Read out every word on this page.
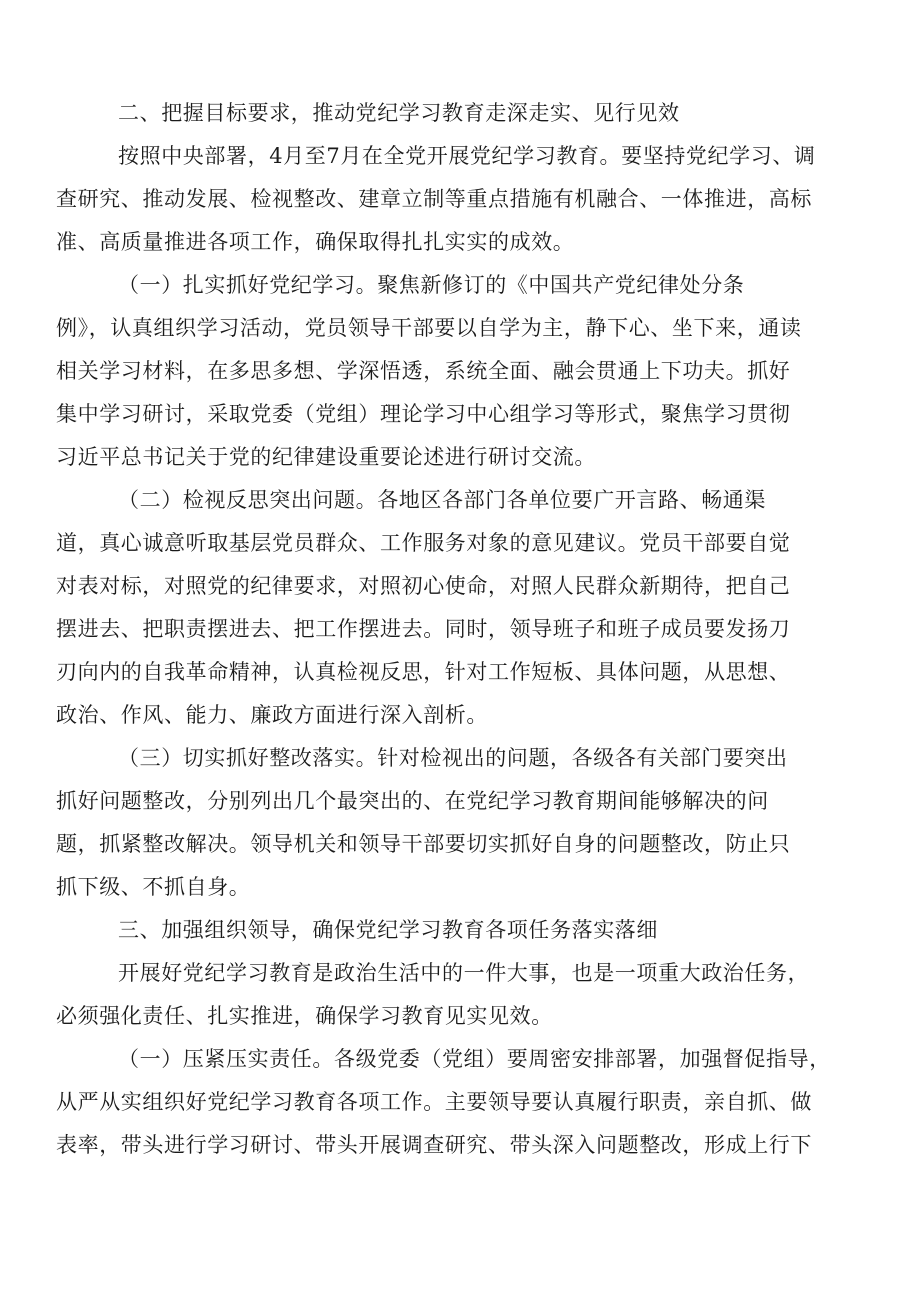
二、把握目标要求，推动党纪学习教育走深走实、见行见效
按照中央部署，4月至7月在全党开展党纪学习教育。要坚持党纪学习、调
查研究、推动发展、检视整改、建章立制等重点措施有机融合、一体推进，高标
准、高质量推进各项工作，确保取得扎扎实实的成效。
（一）扎实抓好党纪学习。聚焦新修订的《中国共产党纪律处分条
例》，认真组织学习活动，党员领导干部要以自学为主，静下心、坐下来，通读
相关学习材料，在多思多想、学深悟透，系统全面、融会贯通上下功夫。抓好
集中学习研讨，采取党委（党组）理论学习中心组学习等形式，聚焦学习贯彻
习近平总书记关于党的纪律建设重要论述进行研讨交流。
（二）检视反思突出问题。各地区各部门各单位要广开言路、畅通渠
道，真心诚意听取基层党员群众、工作服务对象的意见建议。党员干部要自觉
对表对标，对照党的纪律要求，对照初心使命，对照人民群众新期待，把自己
摆进去、把职责摆进去、把工作摆进去。同时，领导班子和班子成员要发扬刀
刃向内的自我革命精神，认真检视反思，针对工作短板、具体问题，从思想、
政治、作风、能力、廉政方面进行深入剖析。
（三）切实抓好整改落实。针对检视出的问题，各级各有关部门要突出
抓好问题整改，分别列出几个最突出的、在党纪学习教育期间能够解决的问
题，抓紧整改解决。领导机关和领导干部要切实抓好自身的问题整改，防止只
抓下级、不抓自身。
三、加强组织领导，确保党纪学习教育各项任务落实落细
开展好党纪学习教育是政治生活中的一件大事，也是一项重大政治任务，
必须强化责任、扎实推进，确保学习教育见实见效。
（一）压紧压实责任。各级党委（党组）要周密安排部署，加强督促指导，
从严从实组织好党纪学习教育各项工作。主要领导要认真履行职责，亲自抓、做
表率，带头进行学习研讨、带头开展调查研究、带头深入问题整改，形成上行下
